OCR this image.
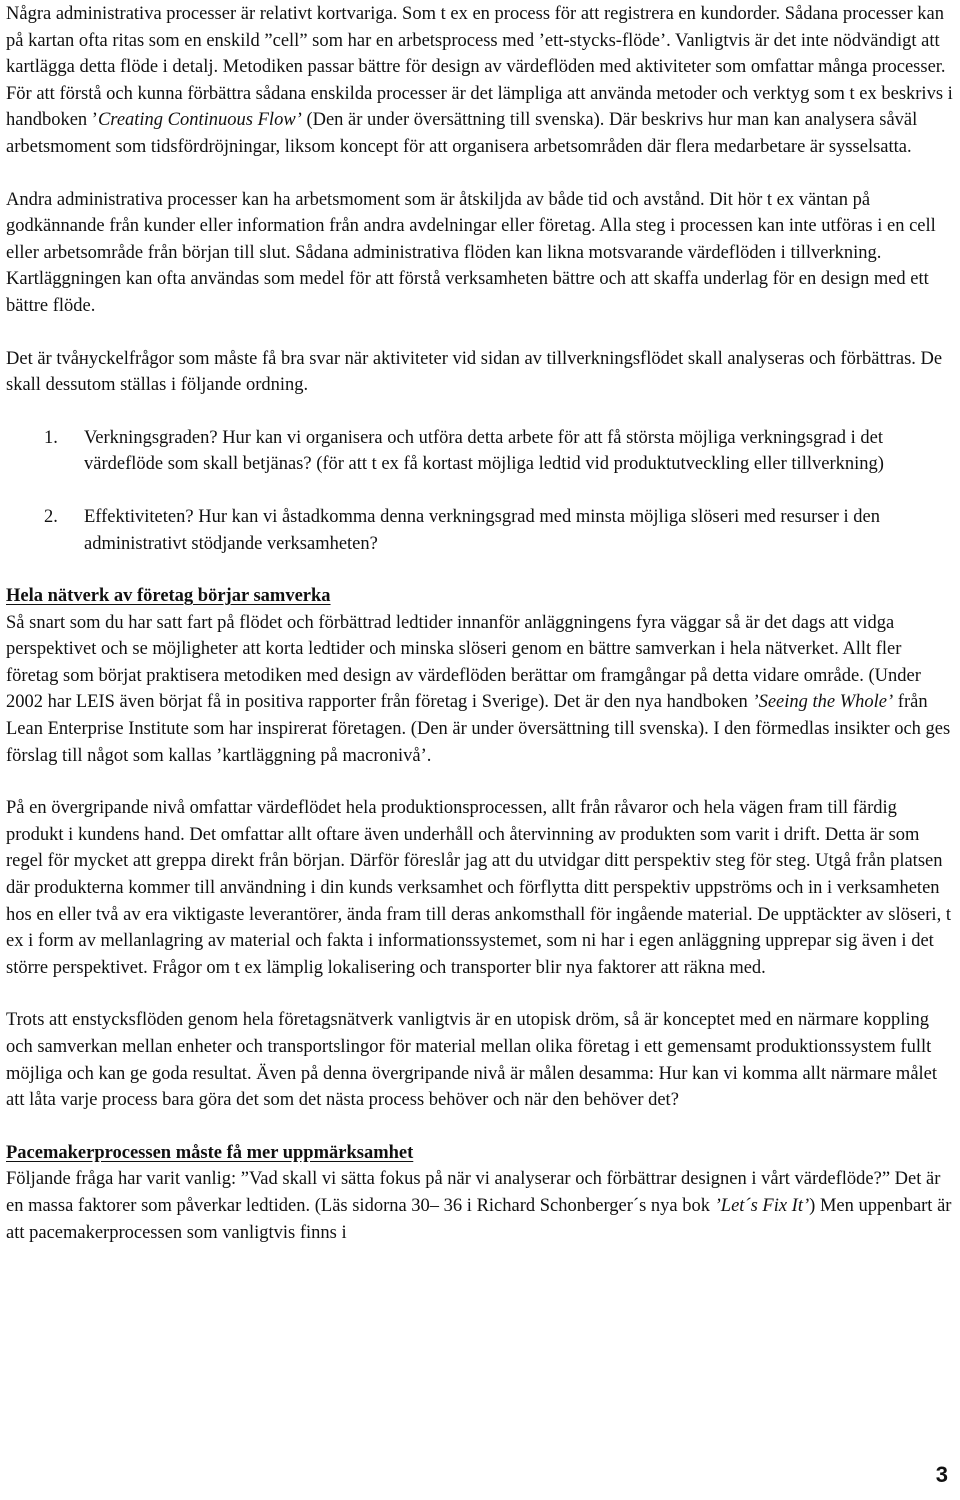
Några administrativa processer är relativt kortvariga. Som t ex en process för att registrera en kundorder. Sådana processer kan på kartan ofta ritas som en enskild ”cell” som har en arbetsprocess med ’ett-stycks-flöde’. Vanligtvis är det inte nödvändigt att kartlägga detta flöde i detalj. Metodiken passar bättre för design av värdeflöden med aktiviteter som omfattar många processer. För att förstå och kunna förbättra sådana enskilda processer är det lämpliga att använda metoder och verktyg som t ex beskrivs i handboken ’Creating Continuous Flow’ (Den är under översättning till svenska). Där beskrivs hur man kan analysera såväl arbetsmoment som tidsfördröjningar, liksom koncept för att organisera arbetsområden där flera medarbetare är sysselsatta.

Andra administrativa processer kan ha arbetsmoment som är åtskiljda av både tid och avstånd. Dit hör t ex väntan på godkännande från kunder eller information från andra avdelningar eller företag. Alla steg i processen kan inte utföras i en cell eller arbetsområde från början till slut. Sådana administrativa flöden kan likna motsvarande värdeflöden i tillverkning. Kartläggningen kan ofta användas som medel för att förstå verksamheten bättre och att skaffa underlag för en design med ett bättre flöde.

Det är tvåнyckelfrågor som måste få bra svar när aktiviteter vid sidan av tillverkningsflödet skall analyseras och förbättras. De skall dessutom ställas i följande ordning.

1.	Verkningsgraden? Hur kan vi organisera och utföra detta arbete för att få största möjliga verkningsgrad i det värdeflöde som skall betjänas? (för att t ex få kortast möjliga ledtid vid produktutveckling eller tillverkning)
2.	Effektiviteten? Hur kan vi åstadkomma denna verkningsgrad med minsta möjliga slöseri med resurser i den administrativt stödjande verksamheten?
Hela nätverk av företag börjar samverka

Så snart som du har satt fart på flödet och förbättrad ledtider innanför anläggningens fyra väggar så är det dags att vidga perspektivet och se möjligheter att korta ledtider och minska slöseri genom en bättre samverkan i hela nätverket. Allt fler företag som börjat praktisera metodiken med design av värdeflöden berättar om framgångar på detta vidare område. (Under 2002 har LEIS även börjat få in positiva rapporter från företag i Sverige). Det är den nya handboken ’Seeing the Whole’ från Lean Enterprise Institute som har inspirerat företagen. (Den är under översättning till svenska). I den förmedlas insikter och ges förslag till något som kallas ’kartläggning på macronivå’.

På en övergripande nivå omfattar värdeflödet hela produktionsprocessen, allt från råvaror och hela vägen fram till färdig produkt i kundens hand. Det omfattar allt oftare även underhåll och återvinning av produkten som varit i drift. Detta är som regel för mycket att greppa direkt från början. Därför föreslår jag att du utvidgar ditt perspektiv steg för steg. Utgå från platsen där produkterna kommer till användning i din kunds verksamhet och förflytta ditt perspektiv uppströms och in i verksamheten hos en eller två av era viktigaste leverantörer, ända fram till deras ankomsthall för ingående material. De upptäckter av slöseri, t ex i form av mellanlagring av material och fakta i informationssystemet, som ni har i egen anläggning upprepar sig även i det större perspektivet. Frågor om t ex lämplig lokalisering och transporter blir nya faktorer att räkna med.

Trots att enstycksflöden genom hela företagsnätverk vanligtvis är en utopisk dröm, så är konceptet med en närmare koppling och samverkan mellan enheter och transportslingor för material mellan olika företag i ett gemensamt produktionssystem fullt möjliga och kan ge goda resultat. Även på denna övergripande nivå är målen desamma: Hur kan vi komma allt närmare målet att låta varje process bara göra det som det nästa process behöver och när den behöver det?

Pacemakerprocessen måste få mer uppmärksamhet

Följande fråga har varit vanlig: ”Vad skall vi sätta fokus på när vi analyserar och förbättrar designen i vårt värdeflöde?” Det är en massa faktorer som påverkar ledtiden. (Läs sidorna 30– 36 i Richard Schonberger´s nya bok ’Let´s Fix It’) Men uppenbart är att pacemakerprocessen som vanligtvis finns i

3
